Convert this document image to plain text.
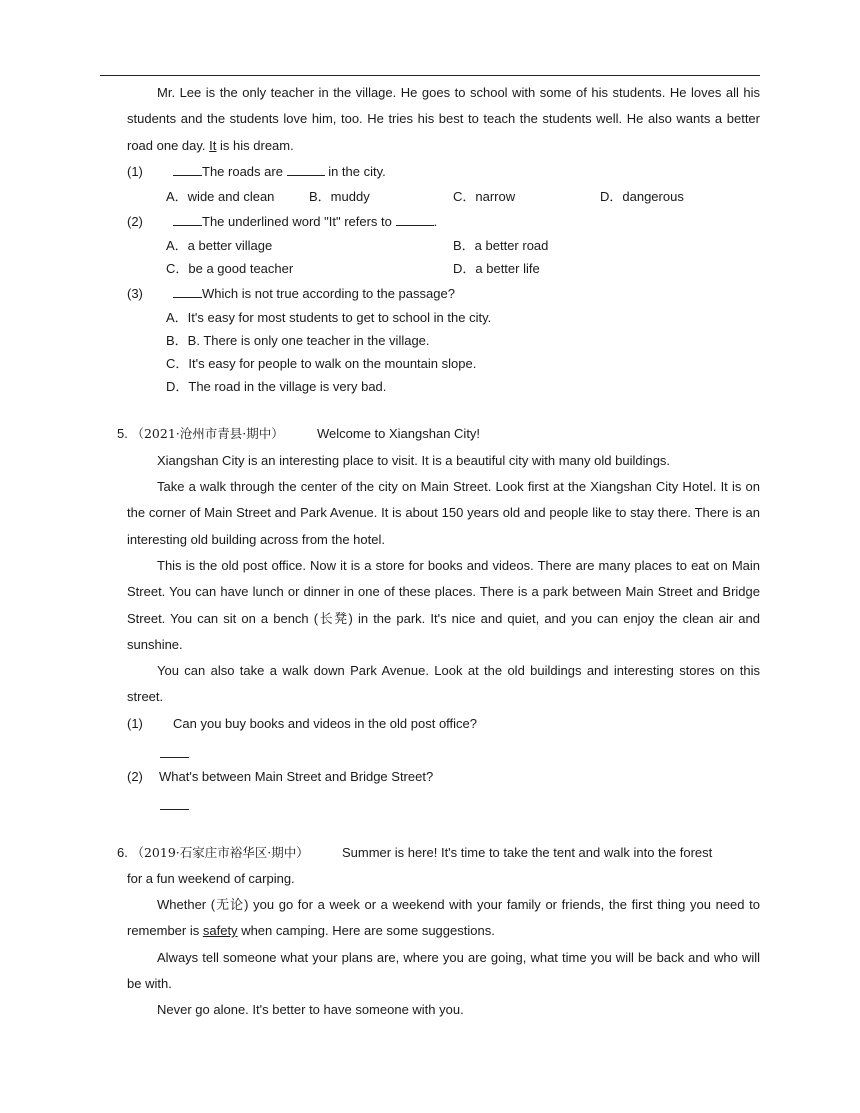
Mr. Lee is the only teacher in the village. He goes to school with some of his students. He loves all his students and the students love him, too. He tries his best to teach the students well. He also wants a better road one day. It is his dream.
(1)	The roads are	in the city.
A．wide and clean	B．muddy	C．narrow	D．dangerous
(2)	The underlined word "It" refers to	.
A．a better village	B．a better road
C．be a good teacher	D．a better life
(3)	Which is not true according to the passage?
A．It's easy for most students to get to school in the city.
B．B. There is only one teacher in the village.
C．It's easy for people to walk on the mountain slope.
D．The road in the village is very bad.
5. （2021·沧州市青县·期中）	Welcome to Xiangshan City!
Xiangshan City is an interesting place to visit. It is a beautiful city with many old buildings.
Take a walk through the center of the city on Main Street. Look first at the Xiangshan City Hotel. It is on the corner of Main Street and Park Avenue. It is about 150 years old and people like to stay there. There is an interesting old building across from the hotel.
This is the old post office. Now it is a store for books and videos. There are many places to eat on Main Street. You can have lunch or dinner in one of these places. There is a park between Main Street and Bridge Street. You can sit on a bench (长凳) in the park. It's nice and quiet, and you can enjoy the clean air and sunshine.
You can also take a walk down Park Avenue. Look at the old buildings and interesting stores on this street.
(1) Can you buy books and videos in the old post office?
(2) What's between Main Street and Bridge Street?
6. （2019·石家庄市裕华区·期中）	Summer is here! It's time to take the tent and walk into the forest
for a fun weekend of carping.
Whether (无论) you go for a week or a weekend with your family or friends, the first thing you need to remember is safety when camping. Here are some suggestions.
Always tell someone what your plans are, where you are going, what time you will be back and who will be with.
Never go alone. It's better to have someone with you.
